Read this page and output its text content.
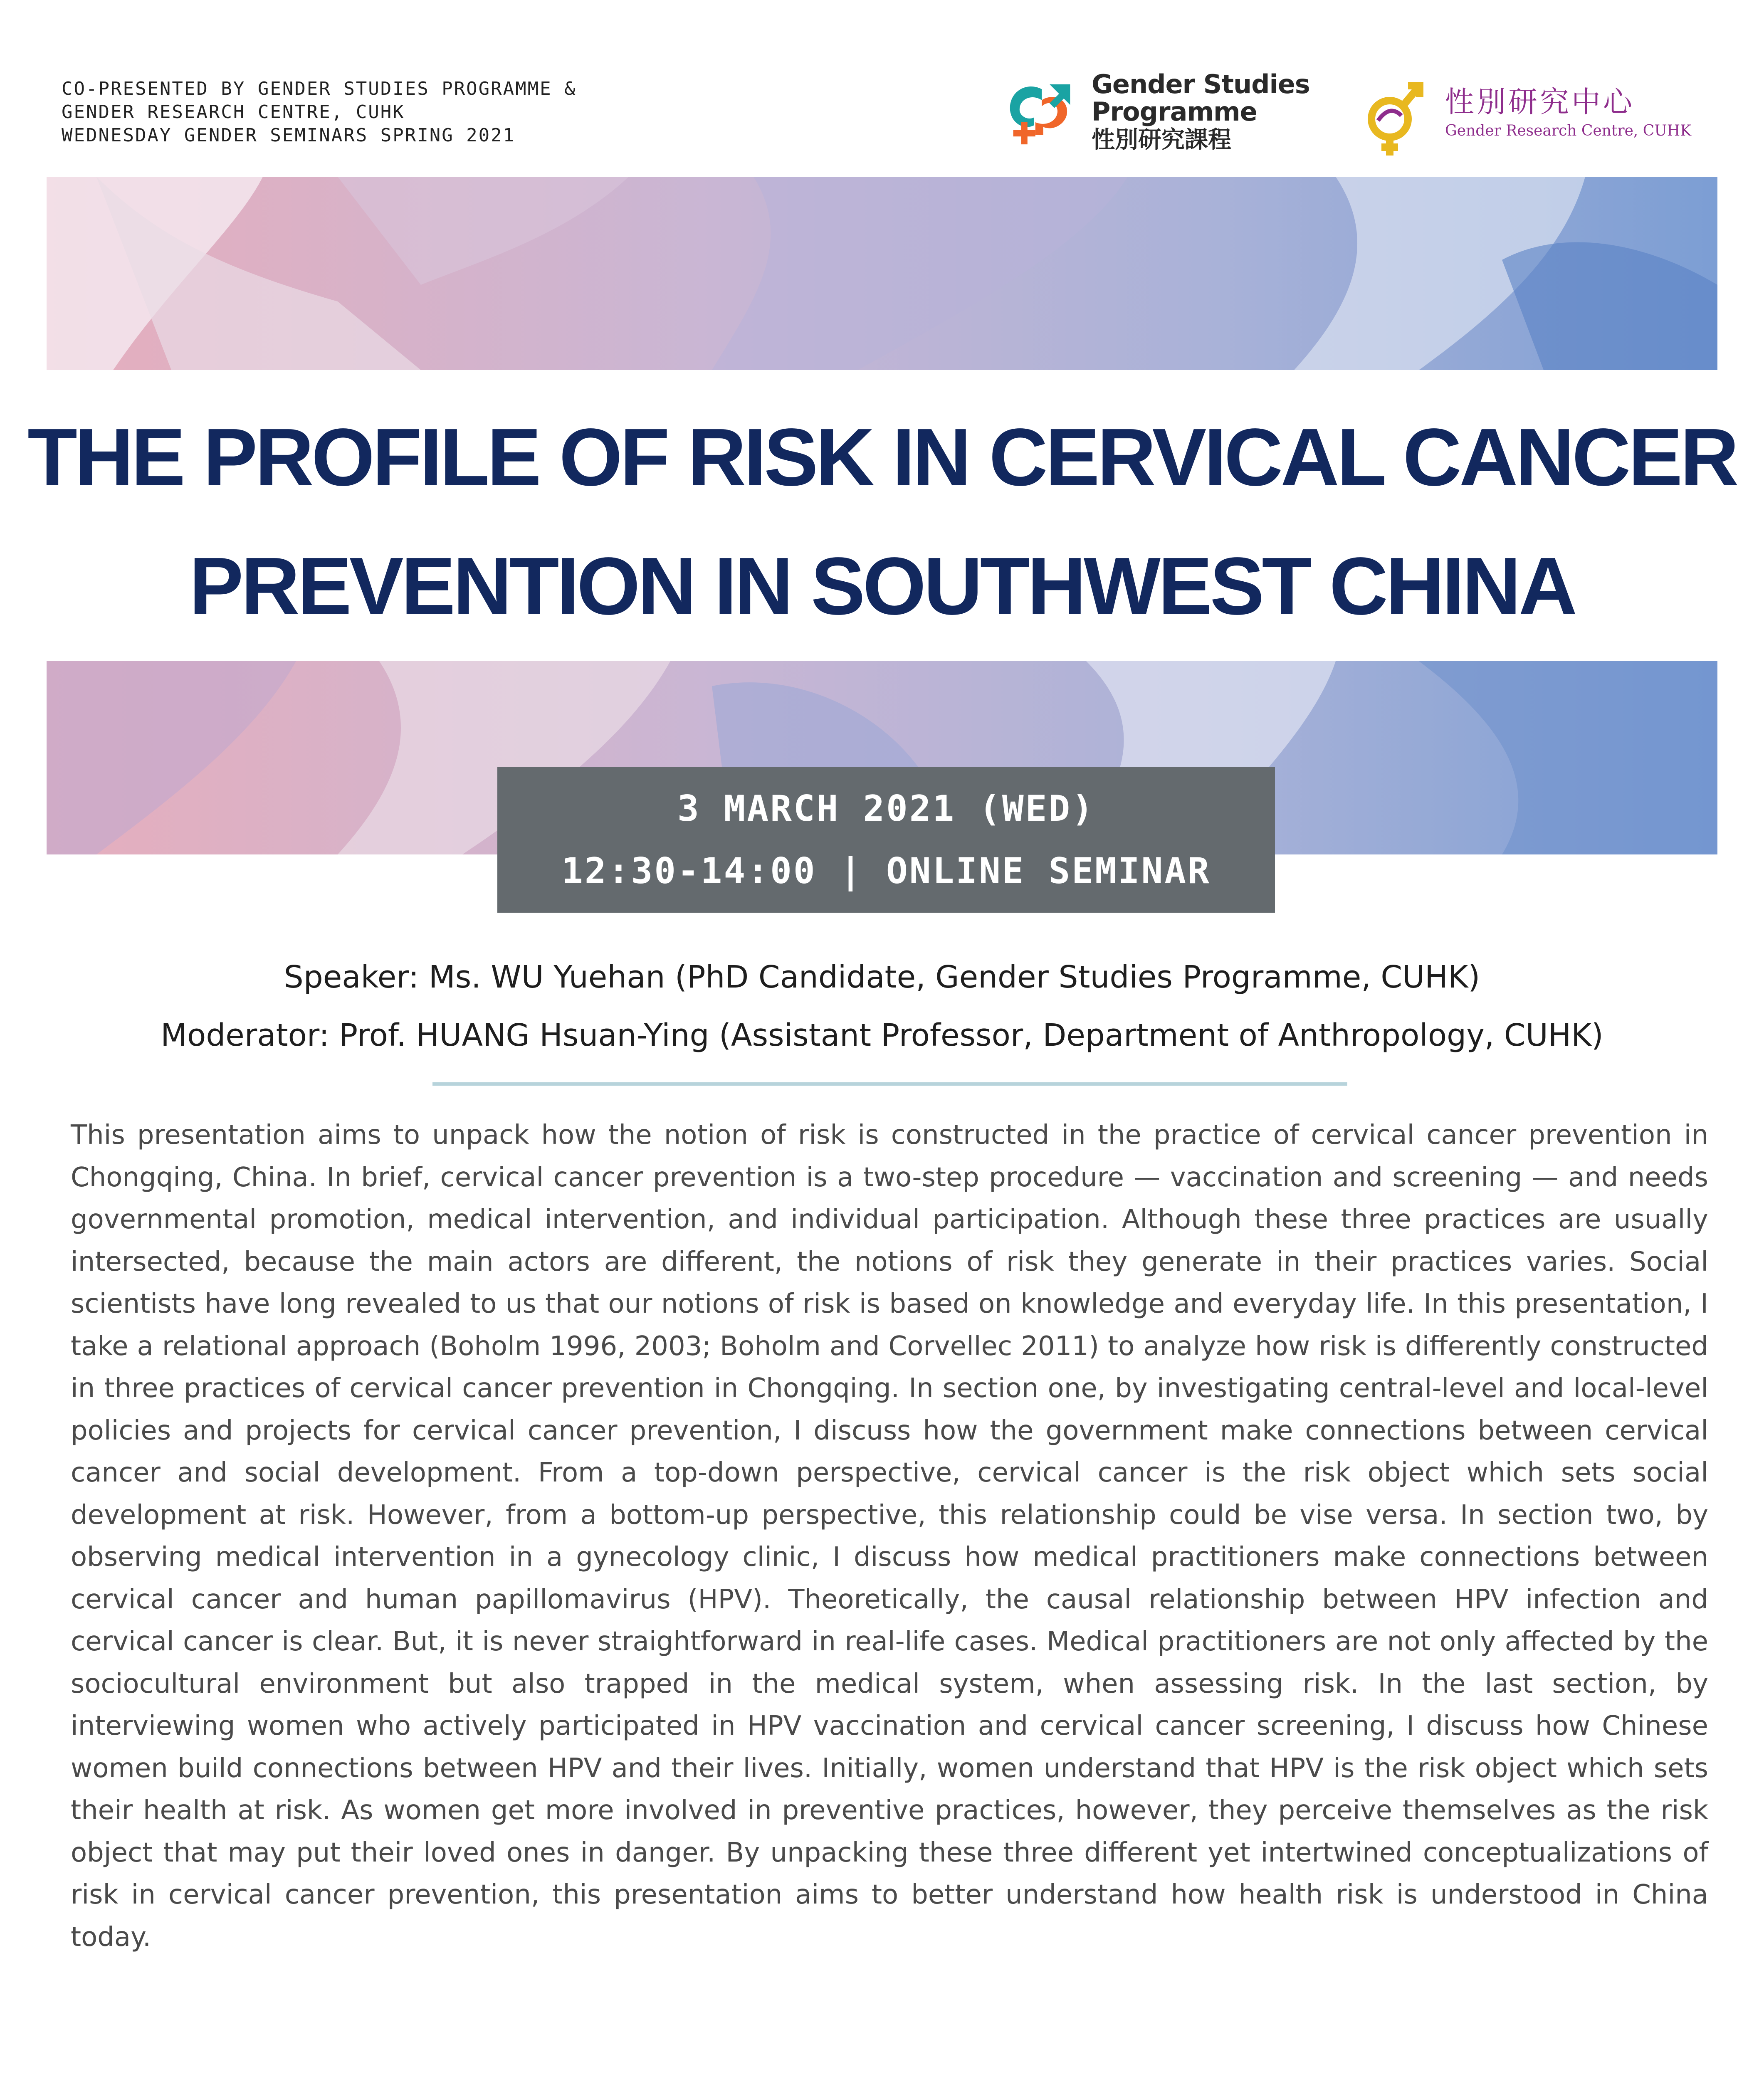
CO-PRESENTED BY GENDER STUDIES PROGRAMME &
GENDER RESEARCH CENTRE, CUHK
WEDNESDAY GENDER SEMINARS SPRING 2021
Gender Studies
Programme
性別研究課程
性別研究中心
Gender Research Centre, CUHK
THE PROFILE OF RISK IN CERVICAL CANCER
PREVENTION IN SOUTHWEST CHINA
3 MARCH 2021 (WED)
12:30-14:00 | ONLINE SEMINAR
Speaker: Ms. WU Yuehan (PhD Candidate, Gender Studies Programme, CUHK)
Moderator: Prof. HUANG Hsuan-Ying (Assistant Professor, Department of Anthropology, CUHK)
This presentation aims to unpack how the notion of risk is constructed in the practice of cervical cancer prevention in Chongqing, China. In brief, cervical cancer prevention is a two-step procedure — vaccination and screening — and needs governmental promotion, medical intervention, and individual participation. Although these three practices are usually intersected, because the main actors are different, the notions of risk they generate in their practices varies. Social scientists have long revealed to us that our notions of risk is based on knowledge and everyday life. In this presentation, I take a relational approach (Boholm 1996, 2003; Boholm and Corvellec 2011) to analyze how risk is differently constructed in three practices of cervical cancer prevention in Chongqing. In section one, by investigating central-level and local-level policies and projects for cervical cancer prevention, I discuss how the government make connections between cervical cancer and social development. From a top-down perspective, cervical cancer is the risk object which sets social development at risk. However, from a bottom-up perspective, this relationship could be vise versa. In section two, by observing medical intervention in a gynecology clinic, I discuss how medical practitioners make connections between cervical cancer and human papillomavirus (HPV). Theoretically, the causal relationship between HPV infection and cervical cancer is clear. But, it is never straightforward in real-life cases. Medical practitioners are not only affected by the sociocultural environment but also trapped in the medical system, when assessing risk. In the last section, by interviewing women who actively participated in HPV vaccination and cervical cancer screening, I discuss how Chinese women build connections between HPV and their lives. Initially, women understand that HPV is the risk object which sets their health at risk. As women get more involved in preventive practices, however, they perceive themselves as the risk object that may put their loved ones in danger. By unpacking these three different yet intertwined conceptualizations of risk in cervical cancer prevention, this presentation aims to better understand how health risk is understood in China today.
